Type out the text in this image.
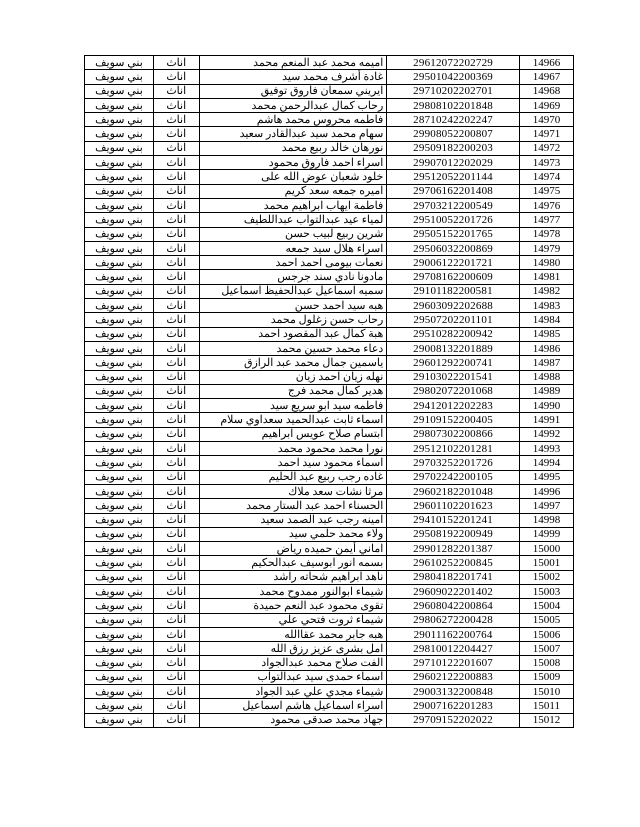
بني سويف	اناث	اميمه محمد عبد المنعم محمد	29612072202729	14966
بني سويف	اناث	غادة أشرف محمد سيد	29501042200369	14967
بني سويف	اناث	ايريني سمعان فاروق توفيق	29710202202701	14968
بني سويف	اناث	رحاب كمال عبدالرحمن محمد	29808102201848	14969
بني سويف	اناث	فاطمه محروس محمد هاشم	28710242202247	14970
بني سويف	اناث	سهام محمد سيد عبدالقادر سعيد	29908052200807	14971
بني سويف	اناث	نورهان خالد ربيع محمد	29509182200203	14972
بني سويف	اناث	اسراء احمد فاروق محمود	29907012202029	14973
بني سويف	اناث	خلود شعبان عوض الله على	29512052201144	14974
بني سويف	اناث	اميره جمعه سعد كريم	29706162201408	14975
بني سويف	اناث	فاطمة ايهاب ابراهيم محمد	29703212200549	14976
بني سويف	اناث	لمياء عيد عبدالتواب عبداللطيف	29510052201726	14977
بني سويف	اناث	شرين ربيع لبيب حسن	29505152201765	14978
بني سويف	اناث	اسراء هلال سيد جمعه	29506032200869	14979
بني سويف	اناث	نعمات بيومى احمد احمد	29006122201721	14980
بني سويف	اناث	مادونا نادي سند جرجس	29708162200609	14981
بني سويف	اناث	سميه اسماعيل عبدالحفيظ اسماعيل	29101182200581	14982
بني سويف	اناث	هبه سيد احمد حسن	29603092202688	14983
بني سويف	اناث	رحاب حسن زغلول محمد	29507202201101	14984
بني سويف	اناث	هبة كمال عبد المقصود احمد	29510282200942	14985
بني سويف	اناث	دعاء محمد حسين محمد	29008132201889	14986
بني سويف	اناث	ياسمين جمال محمد عبد الرازق	29601292200741	14987
بني سويف	اناث	نهله زيان احمد زيان	29103022201541	14988
بني سويف	اناث	هدير كمال محمد فرج	29802072201068	14989
بني سويف	اناث	فاطمه سيد ابو سريع سيد	29412012202283	14990
بني سويف	اناث	اسماء ثابت عبدالحميد سعداوي سلام	29109152200405	14991
بني سويف	اناث	ابتسام صلاح عويس ابراهيم	29807302200866	14992
بني سويف	اناث	نورا محمد محمود محمد	29512102201281	14993
بني سويف	اناث	اسماء محمود سيد احمد	29703252201726	14994
بني سويف	اناث	غاده رجب ربيع عبد الحليم	29702242200105	14995
بني سويف	اناث	مرثا نشات سعد ملاك	29602182201048	14996
بني سويف	اناث	الحسناء احمد عبد الستار محمد	29601102201623	14997
بني سويف	اناث	امينه رجب عبد الصمد سعيد	29410152201241	14998
بني سويف	اناث	ولاء محمد حلمي سيد	29508192200949	14999
بني سويف	اناث	اماني أيمن حميده رياض	29901282201387	15000
بني سويف	اناث	بسمه انور ابوسيف عبدالحكيم	29610252200845	15001
بني سويف	اناث	ناهد ابراهيم شحاته راشد	29804182201741	15002
بني سويف	اناث	شيماء ابوالنور ممدوح محمد	29609022201402	15003
بني سويف	اناث	تقوى محمود عبد النعم حميدة	29608042200864	15004
بني سويف	اناث	شيماء ثروت فتحي علي	29806272200428	15005
بني سويف	اناث	هبه جابر محمد عقاالله	29011162200764	15006
بني سويف	اناث	امل بشرى عزيز رزق الله	29810012204427	15007
بني سويف	اناث	الفت صلاح محمد عبدالجواد	29710122201607	15008
بني سويف	اناث	اسماء حمدى سيد عبدالتواب	29602122200883	15009
بني سويف	اناث	شيماء مجدي علي عبد الجواد	29003132200848	15010
بني سويف	اناث	اسراء اسماعيل هاشم اسماعيل	29007162201283	15011
بني سويف	اناث	جهاد محمد صدقى محمود	29709152202022	15012
